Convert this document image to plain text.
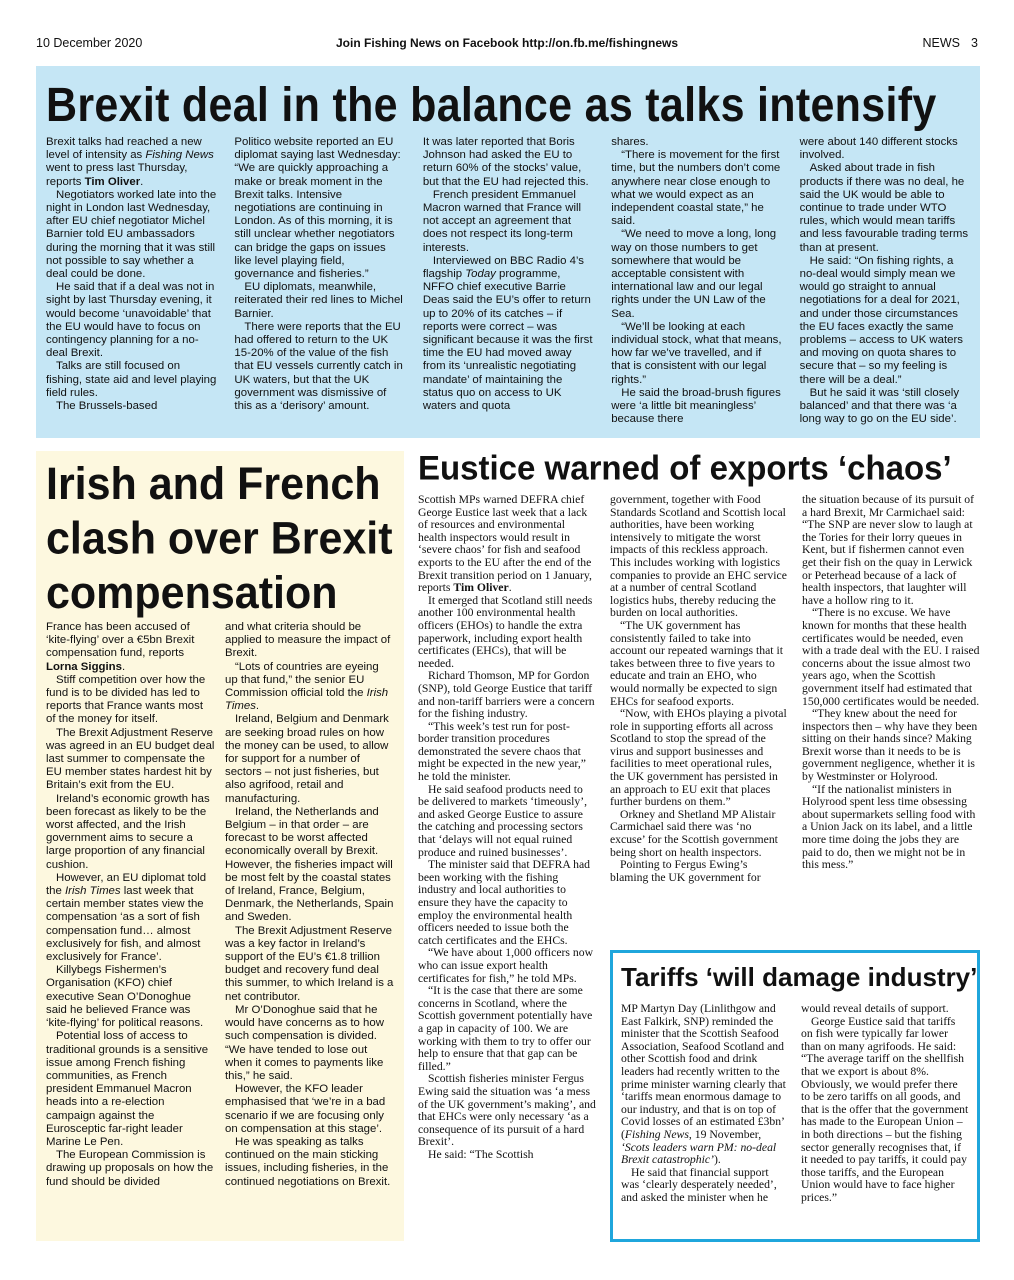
10 December 2020	Join Fishing News on Facebook http://on.fb.me/fishingnews	NEWS 3
Brexit deal in the balance as talks intensify

Brexit talks had reached a new level of intensity as Fishing News went to press last Thursday, reports Tim Oliver.

Negotiators worked late into the night in London last Wednesday, after EU chief negotiator Michel Barnier told EU ambassadors during the morning that it was still not possible to say whether a deal could be done.

He said that if a deal was not in sight by last Thursday evening, it would become ‘unavoidable’ that the EU would have to focus on contingency planning for a no-deal Brexit.

Talks are still focused on fishing, state aid and level playing field rules.

The Brussels-based

Politico website reported an EU diplomat saying last Wednesday: “We are quickly approaching a make or break moment in the Brexit talks. Intensive negotiations are continuing in London. As of this morning, it is still unclear whether negotiators can bridge the gaps on issues like level playing field, governance and fisheries.”

EU diplomats, meanwhile, reiterated their red lines to Michel Barnier.

There were reports that the EU had offered to return to the UK 15-20% of the value of the fish that EU vessels currently catch in UK waters, but that the UK government was dismissive of this as a ‘derisory’ amount.

It was later reported that Boris Johnson had asked the EU to return 60% of the stocks’ value, but that the EU had rejected this.

French president Emmanuel Macron warned that France will not accept an agreement that does not respect its long-term interests.

Interviewed on BBC Radio 4’s flagship Today programme, NFFO chief executive Barrie Deas said the EU’s offer to return up to 20% of its catches – if reports were correct – was significant because it was the first time the EU had moved away from its ‘unrealistic negotiating mandate’ of maintaining the status quo on access to UK waters and quota

shares.

“There is movement for the first time, but the numbers don’t come anywhere near close enough to what we would expect as an independent coastal state,” he said.

“We need to move a long, long way on those numbers to get somewhere that would be acceptable consistent with international law and our legal rights under the UN Law of the Sea.

“We’ll be looking at each individual stock, what that means, how far we’ve travelled, and if that is consistent with our legal rights.”

He said the broad-brush figures were ‘a little bit meaningless’ because there

were about 140 different stocks involved.

Asked about trade in fish products if there was no deal, he said the UK would be able to continue to trade under WTO rules, which would mean tariffs and less favourable trading terms than at present.

He said: “On fishing rights, a no-deal would simply mean we would go straight to annual negotiations for a deal for 2021, and under those circumstances the EU faces exactly the same problems – access to UK waters and moving on quota shares to secure that – so my feeling is there will be a deal.”

But he said it was ‘still closely balanced’ and that there was ‘a long way to go on the EU side’.

Irish and French clash over Brexit compensation

France has been accused of ‘kite-flying’ over a €5bn Brexit compensation fund, reports Lorna Siggins.

Stiff competition over how the fund is to be divided has led to reports that France wants most of the money for itself.

The Brexit Adjustment Reserve was agreed in an EU budget deal last summer to compensate the EU member states hardest hit by Britain’s exit from the EU.

Ireland’s economic growth has been forecast as likely to be the worst affected, and the Irish government aims to secure a large proportion of any financial cushion.

However, an EU diplomat told the Irish Times last week that certain member states view the compensation ‘as a sort of fish compensation fund… almost exclusively for fish, and almost exclusively for France’.

Killybegs Fishermen’s Organisation (KFO) chief executive Sean O’Donoghue said he believed France was ‘kite-flying’ for political reasons.

Potential loss of access to traditional grounds is a sensitive issue among French fishing communities, as French president Emmanuel Macron heads into a re-election campaign against the Eurosceptic far-right leader Marine Le Pen.

The European Commission is drawing up proposals on how the fund should be divided

and what criteria should be applied to measure the impact of Brexit.

“Lots of countries are eyeing up that fund,” the senior EU Commission official told the Irish Times.

Ireland, Belgium and Denmark are seeking broad rules on how the money can be used, to allow for support for a number of sectors – not just fisheries, but also agrifood, retail and manufacturing.

Ireland, the Netherlands and Belgium – in that order – are forecast to be worst affected economically overall by Brexit. However, the fisheries impact will be most felt by the coastal states of Ireland, France, Belgium, Denmark, the Netherlands, Spain and Sweden.

The Brexit Adjustment Reserve was a key factor in Ireland’s support of the EU’s €1.8 trillion budget and recovery fund deal this summer, to which Ireland is a net contributor.

Mr O’Donoghue said that he would have concerns as to how such compensation is divided. “We have tended to lose out when it comes to payments like this,” he said.

However, the KFO leader emphasised that ‘we’re in a bad scenario if we are focusing only on compensation at this stage’.

He was speaking as talks continued on the main sticking issues, including fisheries, in the continued negotiations on Brexit.

Eustice warned of exports ‘chaos’

Scottish MPs warned DEFRA chief George Eustice last week that a lack of resources and environmental health inspectors would result in ‘severe chaos’ for fish and seafood exports to the EU after the end of the Brexit transition period on 1 January, reports Tim Oliver.

It emerged that Scotland still needs another 100 environmental health officers (EHOs) to handle the extra paperwork, including export health certificates (EHCs), that will be needed.

Richard Thomson, MP for Gordon (SNP), told George Eustice that tariff and non-tariff barriers were a concern for the fishing industry.

“This week’s test run for post-border transition procedures demonstrated the severe chaos that might be expected in the new year,” he told the minister.

He said seafood products need to be delivered to markets ‘timeously’, and asked George Eustice to assure the catching and processing sectors that ‘delays will not equal ruined produce and ruined businesses’.

The minister said that DEFRA had been working with the fishing industry and local authorities to ensure they have the capacity to employ the environmental health officers needed to issue both the catch certificates and the EHCs.

“We have about 1,000 officers now who can issue export health certificates for fish,” he told MPs.

“It is the case that there are some concerns in Scotland, where the Scottish government potentially have a gap in capacity of 100. We are working with them to try to offer our help to ensure that that gap can be filled.”

Scottish fisheries minister Fergus Ewing said the situation was ‘a mess of the UK government’s making’, and that EHCs were only necessary ‘as a consequence of its pursuit of a hard Brexit’.

He said: “The Scottish

government, together with Food Standards Scotland and Scottish local authorities, have been working intensively to mitigate the worst impacts of this reckless approach. This includes working with logistics companies to provide an EHC service at a number of central Scotland logistics hubs, thereby reducing the burden on local authorities.

“The UK government has consistently failed to take into account our repeated warnings that it takes between three to five years to educate and train an EHO, who would normally be expected to sign EHCs for seafood exports.

“Now, with EHOs playing a pivotal role in supporting efforts all across Scotland to stop the spread of the virus and support businesses and facilities to meet operational rules, the UK government has persisted in an approach to EU exit that places further burdens on them.”

Orkney and Shetland MP Alistair Carmichael said there was ‘no excuse’ for the Scottish government being short on health inspectors.

Pointing to Fergus Ewing’s blaming the UK government for

the situation because of its pursuit of a hard Brexit, Mr Carmichael said: “The SNP are never slow to laugh at the Tories for their lorry queues in Kent, but if fishermen cannot even get their fish on the quay in Lerwick or Peterhead because of a lack of health inspectors, that laughter will have a hollow ring to it.

“There is no excuse. We have known for months that these health certificates would be needed, even with a trade deal with the EU. I raised concerns about the issue almost two years ago, when the Scottish government itself had estimated that 150,000 certificates would be needed.

“They knew about the need for inspectors then – why have they been sitting on their hands since? Making Brexit worse than it needs to be is government negligence, whether it is by Westminster or Holyrood.

“If the nationalist ministers in Holyrood spent less time obsessing about supermarkets selling food with a Union Jack on its label, and a little more time doing the jobs they are paid to do, then we might not be in this mess.”

Tariffs ‘will damage industry’

MP Martyn Day (Linlithgow and East Falkirk, SNP) reminded the minister that the Scottish Seafood Association, Seafood Scotland and other Scottish food and drink leaders had recently written to the prime minister warning clearly that ‘tariffs mean enormous damage to our industry, and that is on top of Covid losses of an estimated £3bn’ (Fishing News, 19 November, ‘Scots leaders warn PM: no-deal Brexit catastrophic’).

He said that financial support was ‘clearly desperately needed’, and asked the minister when he

would reveal details of support.

George Eustice said that tariffs on fish were typically far lower than on many agrifoods. He said: “The average tariff on the shellfish that we export is about 8%. Obviously, we would prefer there to be zero tariffs on all goods, and that is the offer that the government has made to the European Union – in both directions – but the fishing sector generally recognises that, if it needed to pay tariffs, it could pay those tariffs, and the European Union would have to face higher prices.”
